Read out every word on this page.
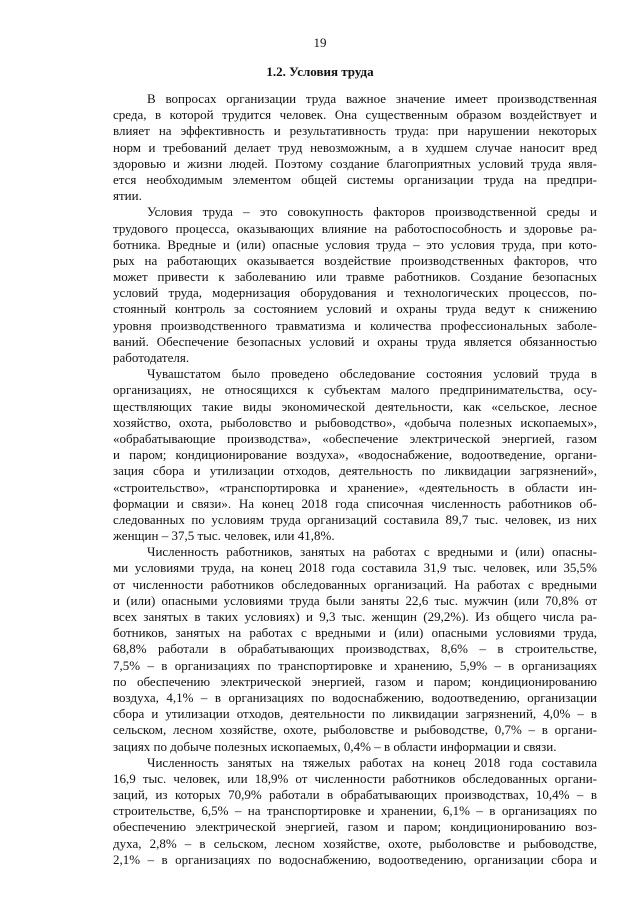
19
1.2. Условия труда
В вопросах организации труда важное значение имеет производственная
среда, в которой трудится человек. Она существенным образом воздействует и
влияет на эффективность и результативность труда: при нарушении некоторых
норм и требований делает труд невозможным, а в худшем случае наносит вред
здоровью и жизни людей. Поэтому создание благоприятных условий труда явля-
ется необходимым элементом общей системы организации труда на предпри-
ятии.
Условия труда – это совокупность факторов производственной среды и
трудового процесса, оказывающих влияние на работоспособность и здоровье ра-
ботника. Вредные и (или) опасные условия труда – это условия труда, при кото-
рых на работающих оказывается воздействие производственных факторов, что
может привести к заболеванию или травме работников. Создание безопасных
условий труда, модернизация оборудования и технологических процессов, по-
стоянный контроль за состоянием условий и охраны труда ведут к снижению
уровня производственного травматизма и количества профессиональных заболе-
ваний. Обеспечение безопасных условий и охраны труда является обязанностью
работодателя.
Чувашстатом было проведено обследование состояния условий труда в
организациях, не относящихся к субъектам малого предпринимательства, осу-
ществляющих такие виды экономической деятельности, как «сельское, лесное
хозяйство, охота, рыболовство и рыбоводство», «добыча полезных ископаемых»,
«обрабатывающие производства», «обеспечение электрической энергией, газом
и паром; кондиционирование воздуха», «водоснабжение, водоотведение, органи-
зация сбора и утилизации отходов, деятельность по ликвидации загрязнений»,
«строительство», «транспортировка и хранение», «деятельность в области ин-
формации и связи». На конец 2018 года списочная численность работников об-
следованных по условиям труда организаций составила 89,7 тыс. человек, из них
женщин – 37,5 тыс. человек, или 41,8%.
Численность работников, занятых на работах с вредными и (или) опасны-
ми условиями труда, на конец 2018 года составила 31,9 тыс. человек, или 35,5%
от численности работников обследованных организаций. На работах с вредными
и (или) опасными условиями труда были заняты 22,6 тыс. мужчин (или 70,8% от
всех занятых в таких условиях) и 9,3 тыс. женщин (29,2%). Из общего числа ра-
ботников, занятых на работах с вредными и (или) опасными условиями труда,
68,8% работали в обрабатывающих производствах, 8,6% – в строительстве,
7,5% – в организациях по транспортировке и хранению, 5,9% – в организациях
по обеспечению электрической энергией, газом и паром; кондиционированию
воздуха, 4,1% – в организациях по водоснабжению, водоотведению, организации
сбора и утилизации отходов, деятельности по ликвидации загрязнений, 4,0% – в
сельском, лесном хозяйстве, охоте, рыболовстве и рыбоводстве, 0,7% – в органи-
зациях по добыче полезных ископаемых, 0,4% – в области информации и связи.
Численность занятых на тяжелых работах на конец 2018 года составила
16,9 тыс. человек, или 18,9% от численности работников обследованных органи-
заций, из которых 70,9% работали в обрабатывающих производствах, 10,4% – в
строительстве, 6,5% – на транспортировке и хранении, 6,1% – в организациях по
обеспечению электрической энергией, газом и паром; кондиционированию воз-
духа, 2,8% – в сельском, лесном хозяйстве, охоте, рыболовстве и рыбоводстве,
2,1% – в организациях по водоснабжению, водоотведению, организации сбора и
